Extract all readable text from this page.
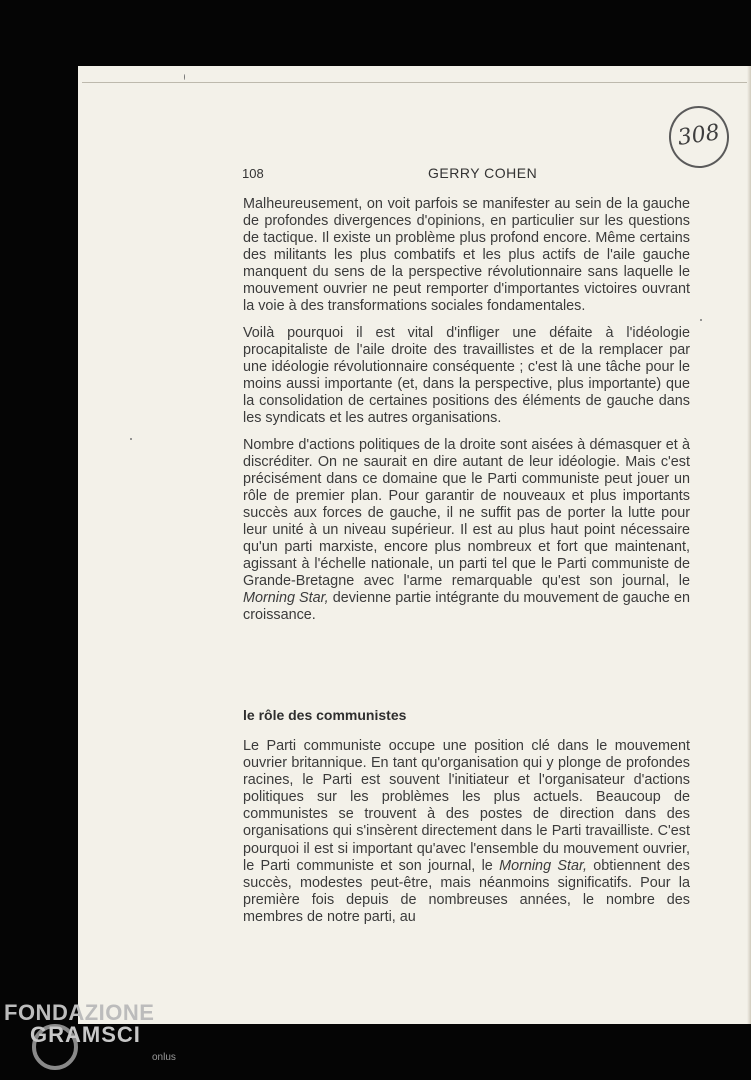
308
108	GERRY COHEN

Malheureusement, on voit parfois se manifester au sein de la gauche de profondes divergences d'opinions, en particulier sur les questions de tactique. Il existe un problème plus profond encore. Même certains des militants les plus combatifs et les plus actifs de l'aile gauche manquent du sens de la perspective révolutionnaire sans laquelle le mouvement ouvrier ne peut remporter d'importantes victoires ouvrant la voie à des transformations sociales fondamentales.

Voilà pourquoi il est vital d'infliger une défaite à l'idéologie procapitaliste de l'aile droite des travaillistes et de la remplacer par une idéologie révolutionnaire conséquente ; c'est là une tâche pour le moins aussi importante (et, dans la perspective, plus importante) que la consolidation de certaines positions des éléments de gauche dans les syndicats et les autres organisations.

Nombre d'actions politiques de la droite sont aisées à démasquer et à discréditer. On ne saurait en dire autant de leur idéologie. Mais c'est précisément dans ce domaine que le Parti communiste peut jouer un rôle de premier plan. Pour garantir de nouveaux et plus importants succès aux forces de gauche, il ne suffit pas de porter la lutte pour leur unité à un niveau supérieur. Il est au plus haut point nécessaire qu'un parti marxiste, encore plus nombreux et fort que maintenant, agissant à l'échelle nationale, un parti tel que le Parti communiste de Grande-Bretagne avec l'arme remarquable qu'est son journal, le Morning Star, devienne partie intégrante du mouvement de gauche en croissance.

le rôle des communistes

Le Parti communiste occupe une position clé dans le mouvement ouvrier britannique. En tant qu'organisation qui y plonge de profondes racines, le Parti est souvent l'initiateur et l'organisateur d'actions politiques sur les problèmes les plus actuels. Beaucoup de communistes se trouvent à des postes de direction dans des organisations qui s'insèrent directement dans le Parti travailliste. C'est pourquoi il est si important qu'avec l'ensemble du mouvement ouvrier, le Parti communiste et son journal, le Morning Star, obtiennent des succès, modestes peut-être, mais néanmoins significatifs. Pour la première fois depuis de nombreuses années, le nombre des membres de notre parti, au

FONDAZIONE
GRAMSCI
onlus
